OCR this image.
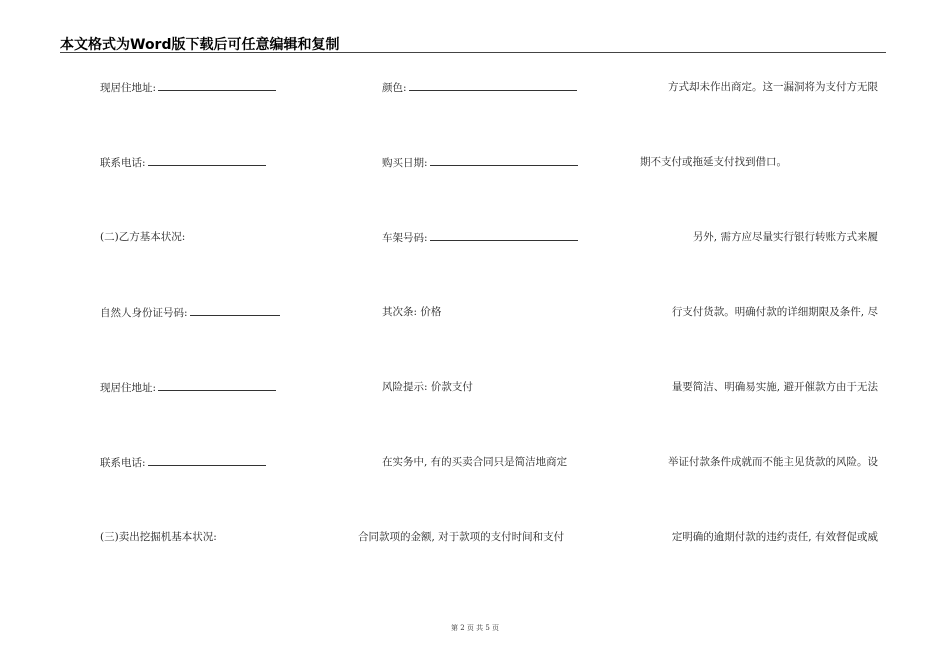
本文格式为Word版下载后可任意编辑和复制
现居住地址:
联系电话:
(二)乙方基本状况:
自然人身份证号码:
现居住地址:
联系电话:
(三)卖出挖掘机基本状况:
颜色:
购买日期:
车架号码:
其次条: 价格
风险提示: 价款支付
在实务中, 有的买卖合同只是简洁地商定
合同款项的金额, 对于款项的支付时间和支付
方式却未作出商定。这一漏洞将为支付方无限
期不支付或拖延支付找到借口。
另外, 需方应尽量实行银行转账方式来履
行支付货款。明确付款的详细期限及条件, 尽
量要简洁、明确易实施, 避开催款方由于无法
举证付款条件成就而不能主见货款的风险。设
定明确的逾期付款的违约责任, 有效督促或威
第 2 页 共 5 页
